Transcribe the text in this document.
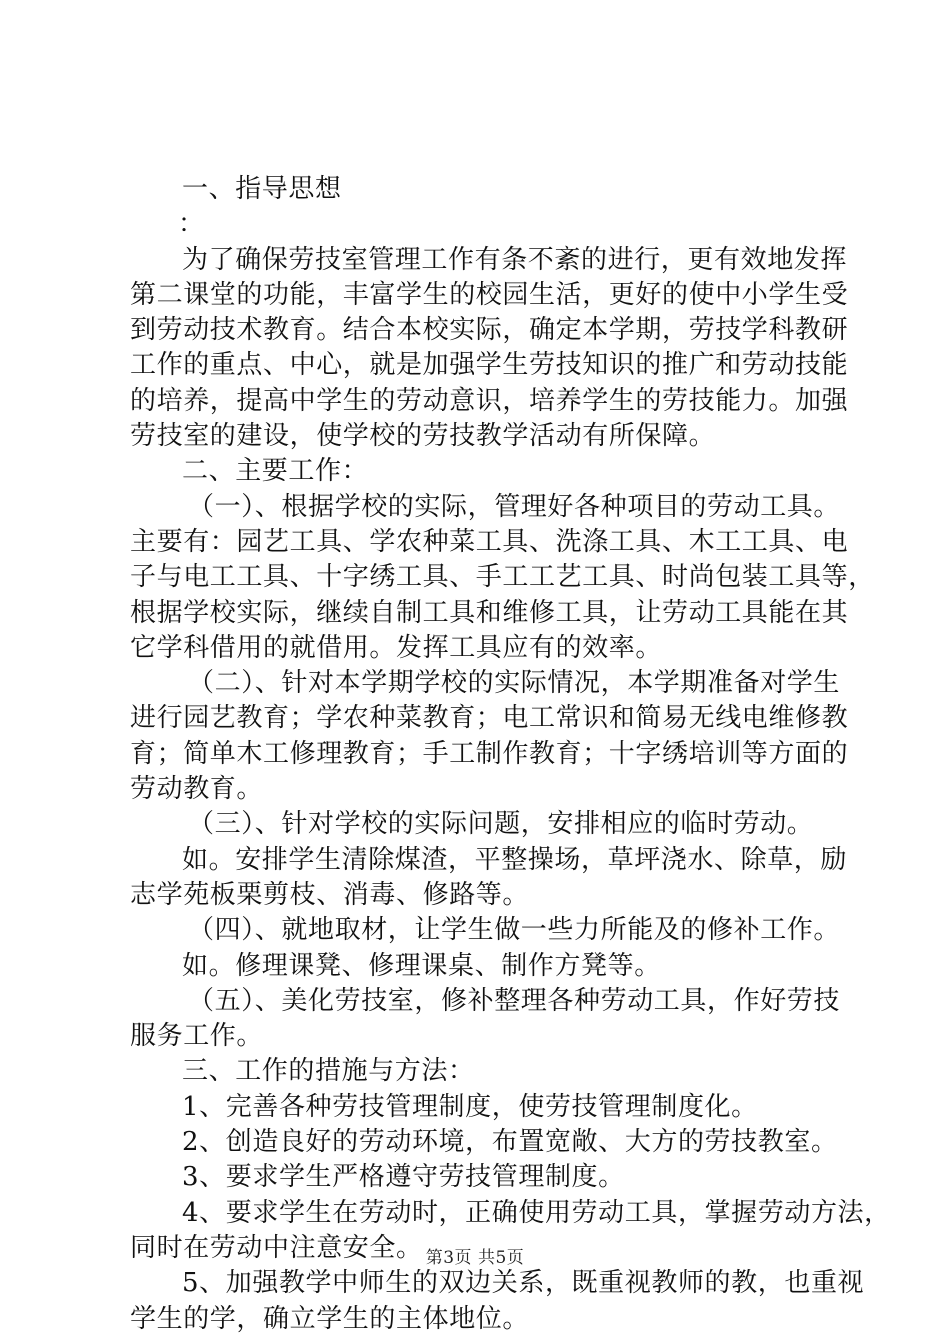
一、指导思想
：
为了确保劳技室管理工作有条不紊的进行，更有效地发挥
第二课堂的功能，丰富学生的校园生活，更好的使中小学生受
到劳动技术教育。结合本校实际，确定本学期，劳技学科教研
工作的重点、中心，就是加强学生劳技知识的推广和劳动技能
的培养，提高中学生的劳动意识，培养学生的劳技能力。加强
劳技室的建设，使学校的劳技教学活动有所保障。
二、主要工作：
（一）、根据学校的实际，管理好各种项目的劳动工具。
主要有：园艺工具、学农种菜工具、洗涤工具、木工工具、电
子与电工工具、十字绣工具、手工工艺工具、时尚包装工具等，
根据学校实际，继续自制工具和维修工具，让劳动工具能在其
它学科借用的就借用。发挥工具应有的效率。
（二）、针对本学期学校的实际情况，本学期准备对学生
进行园艺教育；学农种菜教育；电工常识和简易无线电维修教
育；简单木工修理教育；手工制作教育；十字绣培训等方面的
劳动教育。
（三）、针对学校的实际问题，安排相应的临时劳动。
如。安排学生清除煤渣，平整操场，草坪浇水、除草，励
志学苑板栗剪枝、消毒、修路等。
（四）、就地取材，让学生做一些力所能及的修补工作。
如。修理课凳、修理课桌、制作方凳等。
（五）、美化劳技室，修补整理各种劳动工具，作好劳技
服务工作。
三、工作的措施与方法：
1、完善各种劳技管理制度，使劳技管理制度化。
2、创造良好的劳动环境，布置宽敞、大方的劳技教室。
3、要求学生严格遵守劳技管理制度。
4、要求学生在劳动时，正确使用劳动工具，掌握劳动方法，
同时在劳动中注意安全。
5、加强教学中师生的双边关系，既重视教师的教，也重视
学生的学，确立学生的主体地位。
第3页 共5页
